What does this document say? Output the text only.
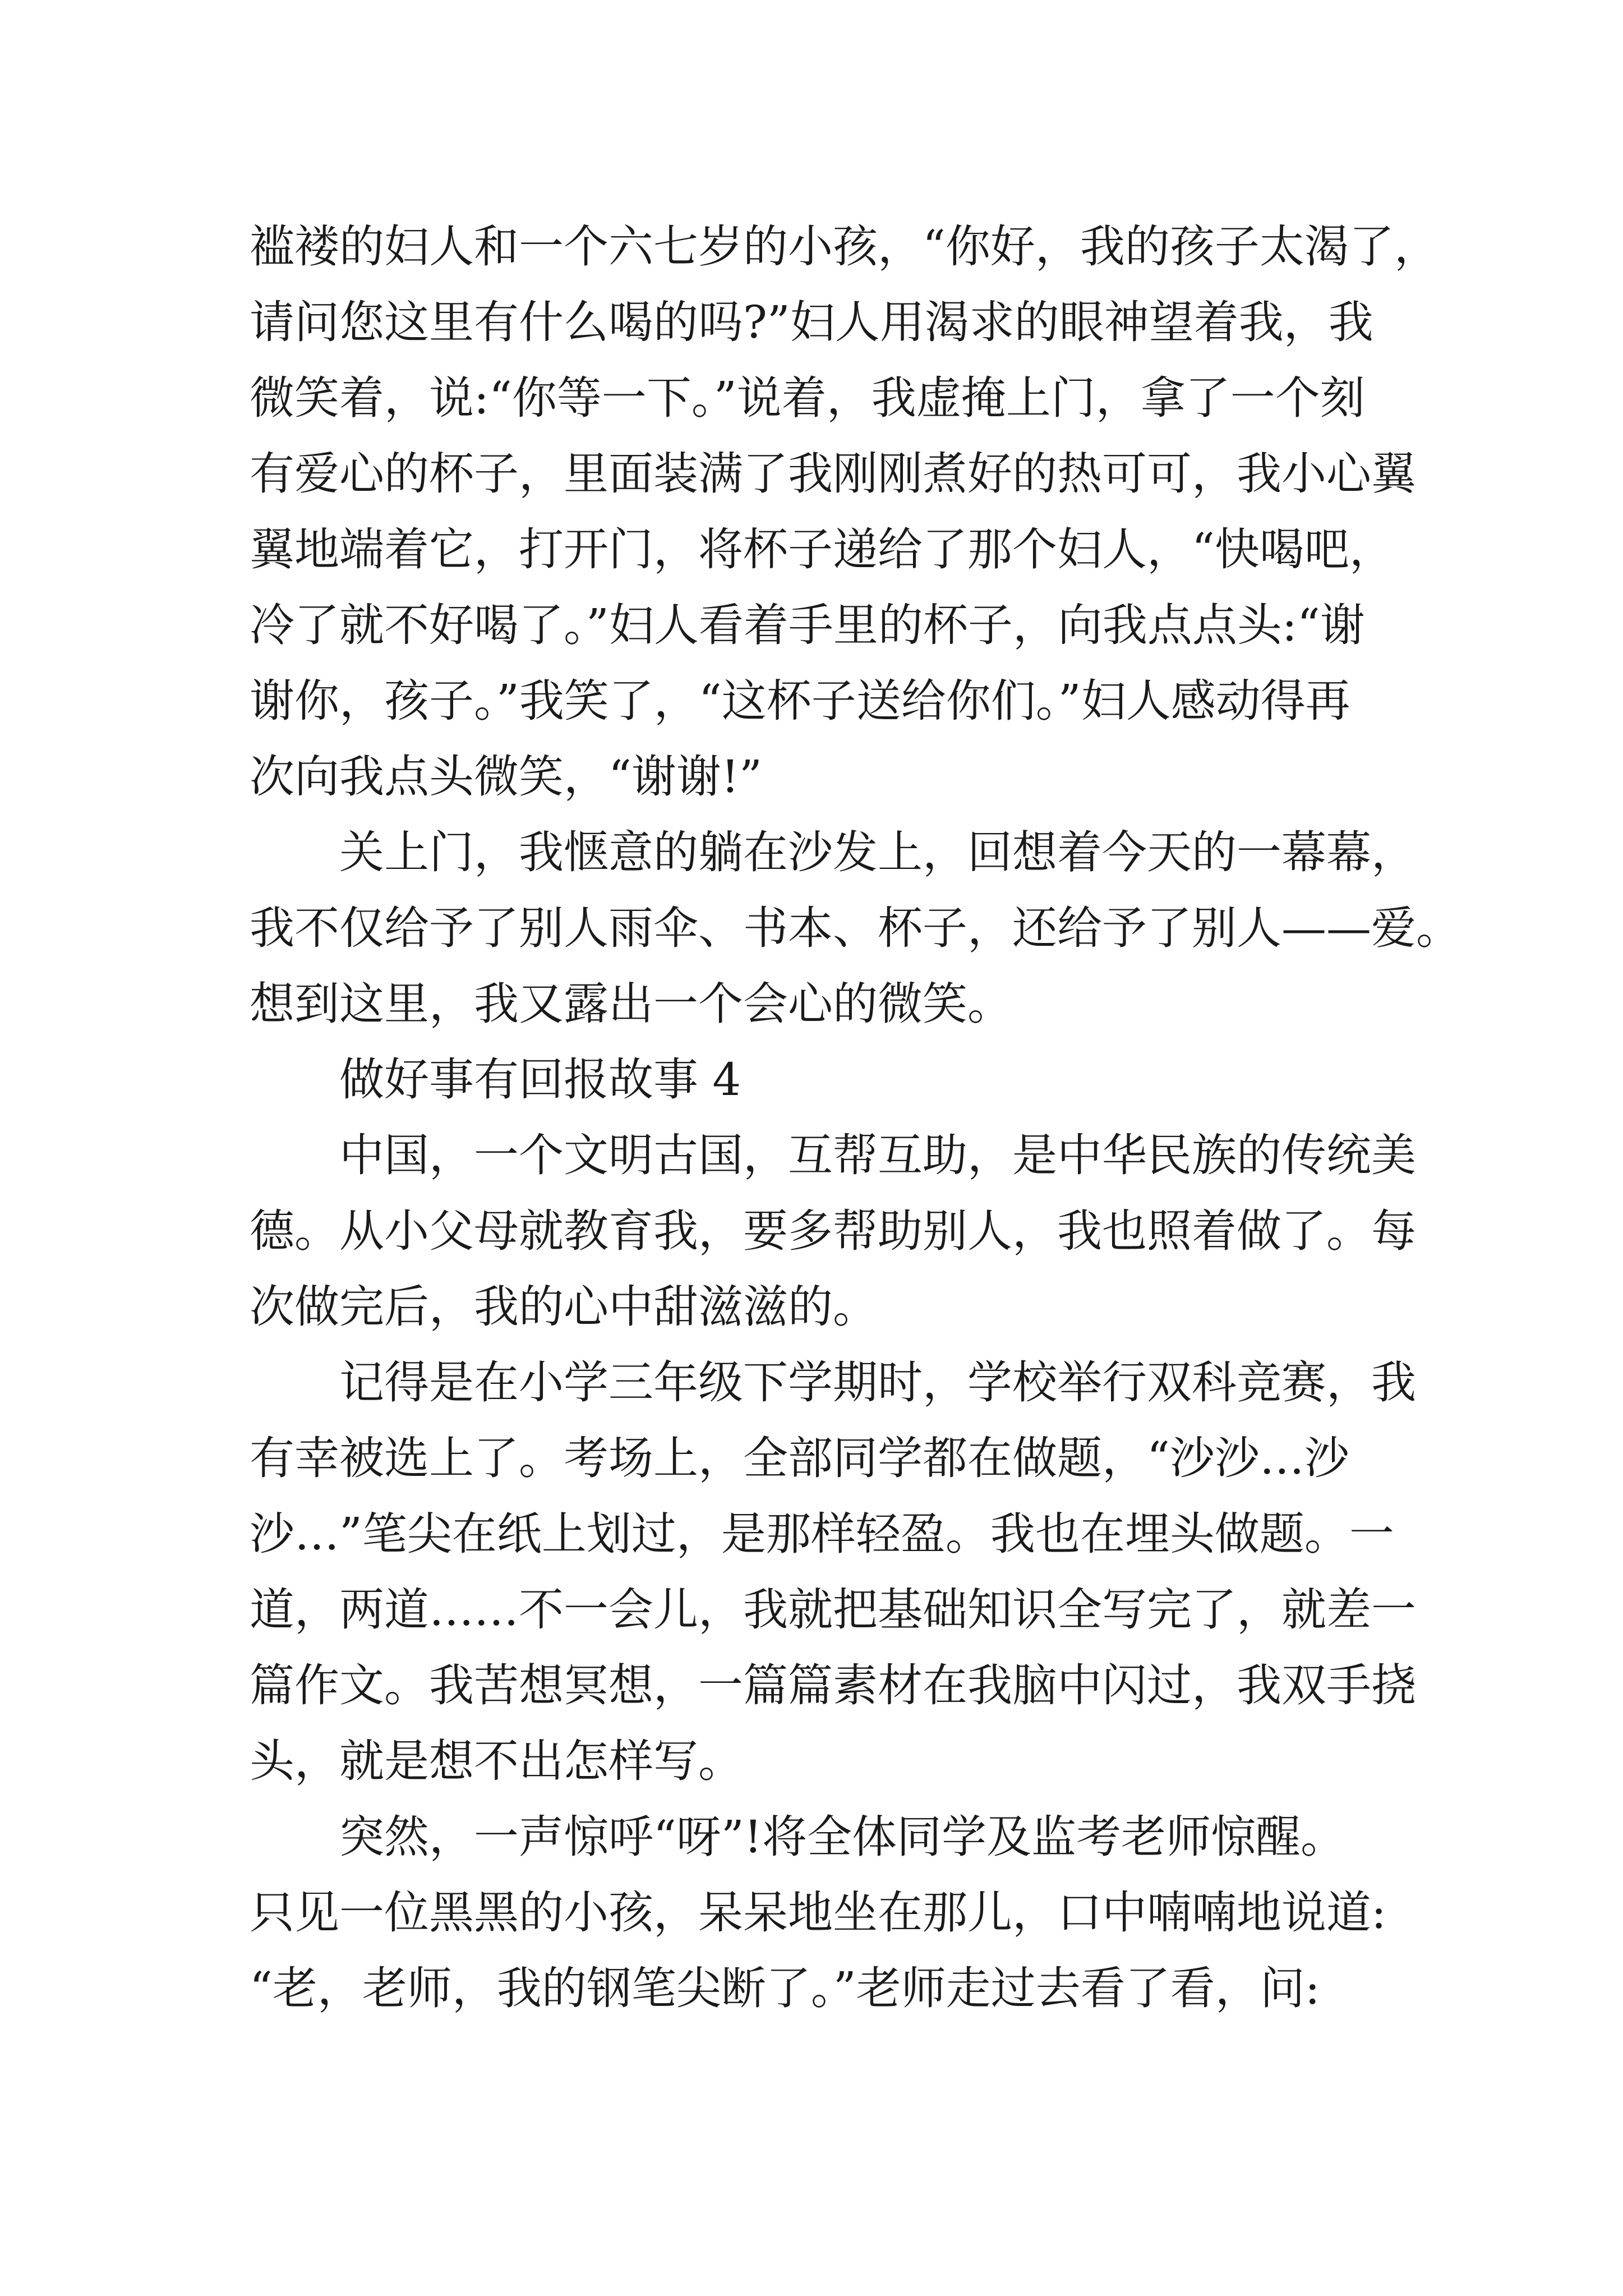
褴褛的妇人和一个六七岁的小孩，“你好，我的孩子太渴了，
请问您这里有什么喝的吗?”妇人用渴求的眼神望着我，我
微笑着，说:“你等一下。”说着，我虚掩上门，拿了一个刻
有爱心的杯子，里面装满了我刚刚煮好的热可可，我小心翼
翼地端着它，打开门，将杯子递给了那个妇人，“快喝吧，
冷了就不好喝了。”妇人看着手里的杯子，向我点点头:“谢
谢你，孩子。”我笑了，“这杯子送给你们。”妇人感动得再
次向我点头微笑，“谢谢!”
关上门，我惬意的躺在沙发上，回想着今天的一幕幕，
我不仅给予了别人雨伞、书本、杯子，还给予了别人——爱。
想到这里，我又露出一个会心的微笑。
做好事有回报故事 4
中国，一个文明古国，互帮互助，是中华民族的传统美
德。从小父母就教育我，要多帮助别人，我也照着做了。每
次做完后，我的心中甜滋滋的。
记得是在小学三年级下学期时，学校举行双科竞赛，我
有幸被选上了。考场上，全部同学都在做题，“沙沙…沙
沙…”笔尖在纸上划过，是那样轻盈。我也在埋头做题。一
道，两道……不一会儿，我就把基础知识全写完了，就差一
篇作文。我苦想冥想，一篇篇素材在我脑中闪过，我双手挠
头，就是想不出怎样写。
突然，一声惊呼“呀”!将全体同学及监考老师惊醒。
只见一位黑黑的小孩，呆呆地坐在那儿，口中喃喃地说道:
“老，老师，我的钢笔尖断了。”老师走过去看了看，问:
